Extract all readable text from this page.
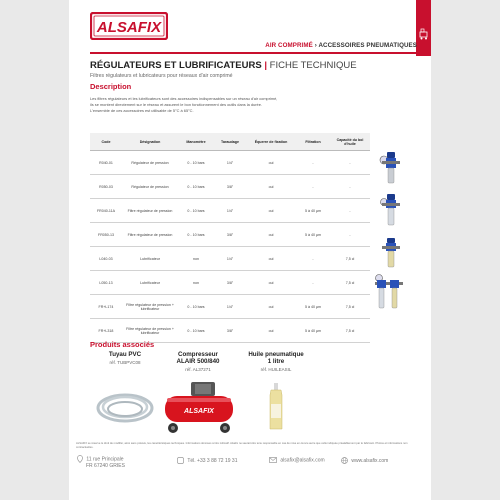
ALSAFIX
AIR COMPRIMÉ › ACCESSOIRES PNEUMATIQUES
RÉGULATEURS ET LUBRIFICATEURS | FICHE TECHNIQUE
Filtres régulateurs et lubricateurs pour réseaux d'air comprimé
Description

Les filtres régulateurs et les lubrificateurs sont des accessoires indispensables sur un réseau d'air comprimé,

ils se montent directement sur le réseau et assurent le bon fonctionnement des outils dans la durée.

L'ensemble de ces accessoires est utilisable de 5°C à 65°C.

Code	Désignation	Manomètre	Taraudage	Équerre de fixation	Filtration	Capacité du bol d'huile
R040-01	Régulateur de pression	0 - 10 bars	1/4"	oui	-	-
R050-03	Régulateur de pression	0 - 10 bars	3/8"	oui	-	-
FR040-11A	Filtre régulateur de pression	0 - 10 bars	1/4"	oui	5 à 40 µm	-
FR050-13	Filtre régulateur de pression	0 - 10 bars	3/8"	oui	5 à 40 µm	-
L040-03	Lubrificateur	non	1/4"	oui	-	7,5 cl
L050-13	Lubrificateur	non	3/8"	oui	-	7,5 cl
FR+L174	Filtre régulateur de pression + lubrificateur	0 - 10 bars	1/4"	oui	5 à 40 µm	7,5 cl
FR+L318	Filtre régulateur de pression + lubrificateur	0 - 10 bars	3/8"	oui	5 à 40 µm	7,5 cl
Produits associés
Tuyau PVC
réf. TUBPVC08
Compresseur
ALAIR 500/840
réf. AL37271
ALSAFIX
Huile pneumatique
1 litre
réf. HUILEASIL
ALSAFIX se réserve le droit de modifier, ainsi sans préavis, les caractéristiques techniques. Informations données à titre indicatif. Alsafix ne saurait être tenu responsable en cas de mise en œuvre autre que celle indiquée préalablement par le fabricant. Photos et informations non contractuelles.
11 rue Principale
FR 67240 GRIES
Tél. +33 3 88 72 19 31	alsafix@alsafix.com	www.alsafix.com
